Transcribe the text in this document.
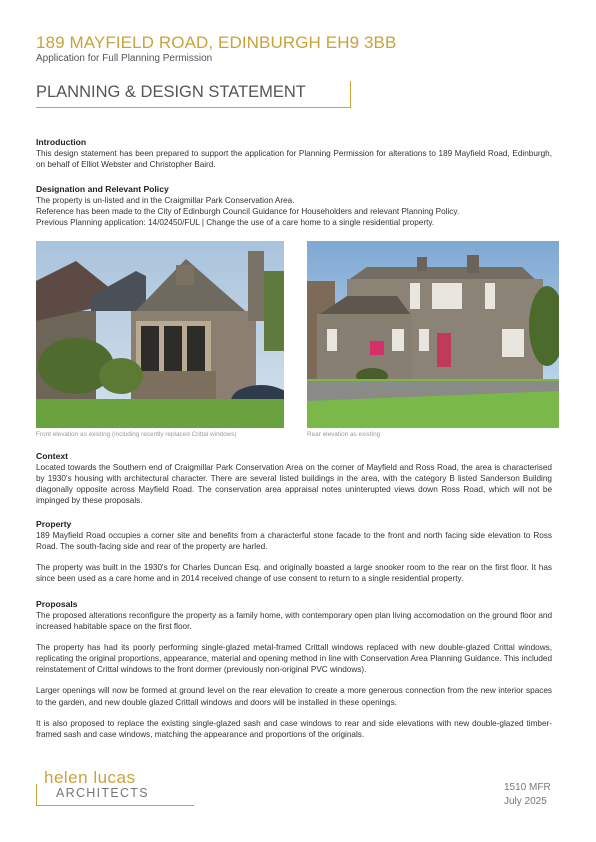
189 MAYFIELD ROAD, EDINBURGH EH9 3BB
Application for Full Planning Permission
PLANNING & DESIGN STATEMENT
Introduction

This design statement has been prepared to support the application for Planning Permission for alterations to 189 Mayfield Road, Edinburgh, on behalf of Elliot Webster and Christopher Baird.

Designation and Relevant Policy

The property is un-listed and in the Craigmillar Park Conservation Area.

Reference has been made to the City of Edinburgh Council Guidance for Householders and relevant Planning Policy.

Previous Planning application: 14/02450/FUL | Change the use of a care home to a single residential property.

Front elevation as existing (including recently replaced Crittal windows)	Rear elevation as existing
Context

Located towards the Southern end of Craigmillar Park Conservation Area on the corner of Mayfield and Ross Road, the area is characterised by 1930's housing with architectural character. There are several listed buildings in the area, with the category B listed Sanderson Building diagonally opposite across Mayfield Road. The conservation area appraisal notes uninterupted views down Ross Road, which will not be impinged by these proposals.

Property

189 Mayfield Road occupies a corner site and benefits from a characterful stone facade to the front and north facing side elevation to Ross Road. The south-facing side and rear of the property are harled.

The property was built in the 1930's for Charles Duncan Esq. and originally boasted a large snooker room to the rear on the first floor. It has since been used as a care home and in 2014 received change of use consent to return to a single residential property.

Proposals

The proposed alterations reconfigure the property as a family home, with contemporary open plan living accomodation on the ground floor and increased habitable space on the first floor.

The property has had its poorly performing single-glazed metal-framed Crittall windows replaced with new double-glazed Crittal windows, replicating the original proportions, appearance, material and opening method in line with Conservation Area Planning Guidance. This included reinstatement of Crittal windows to the front dormer (previously non-original PVC windows).

Larger openings will now be formed at ground level on the rear elevation to create a more generous connection from the new interior spaces to the garden, and new double glazed Crittall windows and doors will be installed in these openings.

It is also proposed to replace the existing single-glazed sash and case windows to rear and side elevations with new double-glazed timber-framed sash and case windows, matching the appearance and proportions of the originals.

helen lucas
ARCHITECTS	1510 MFR
July 2025
